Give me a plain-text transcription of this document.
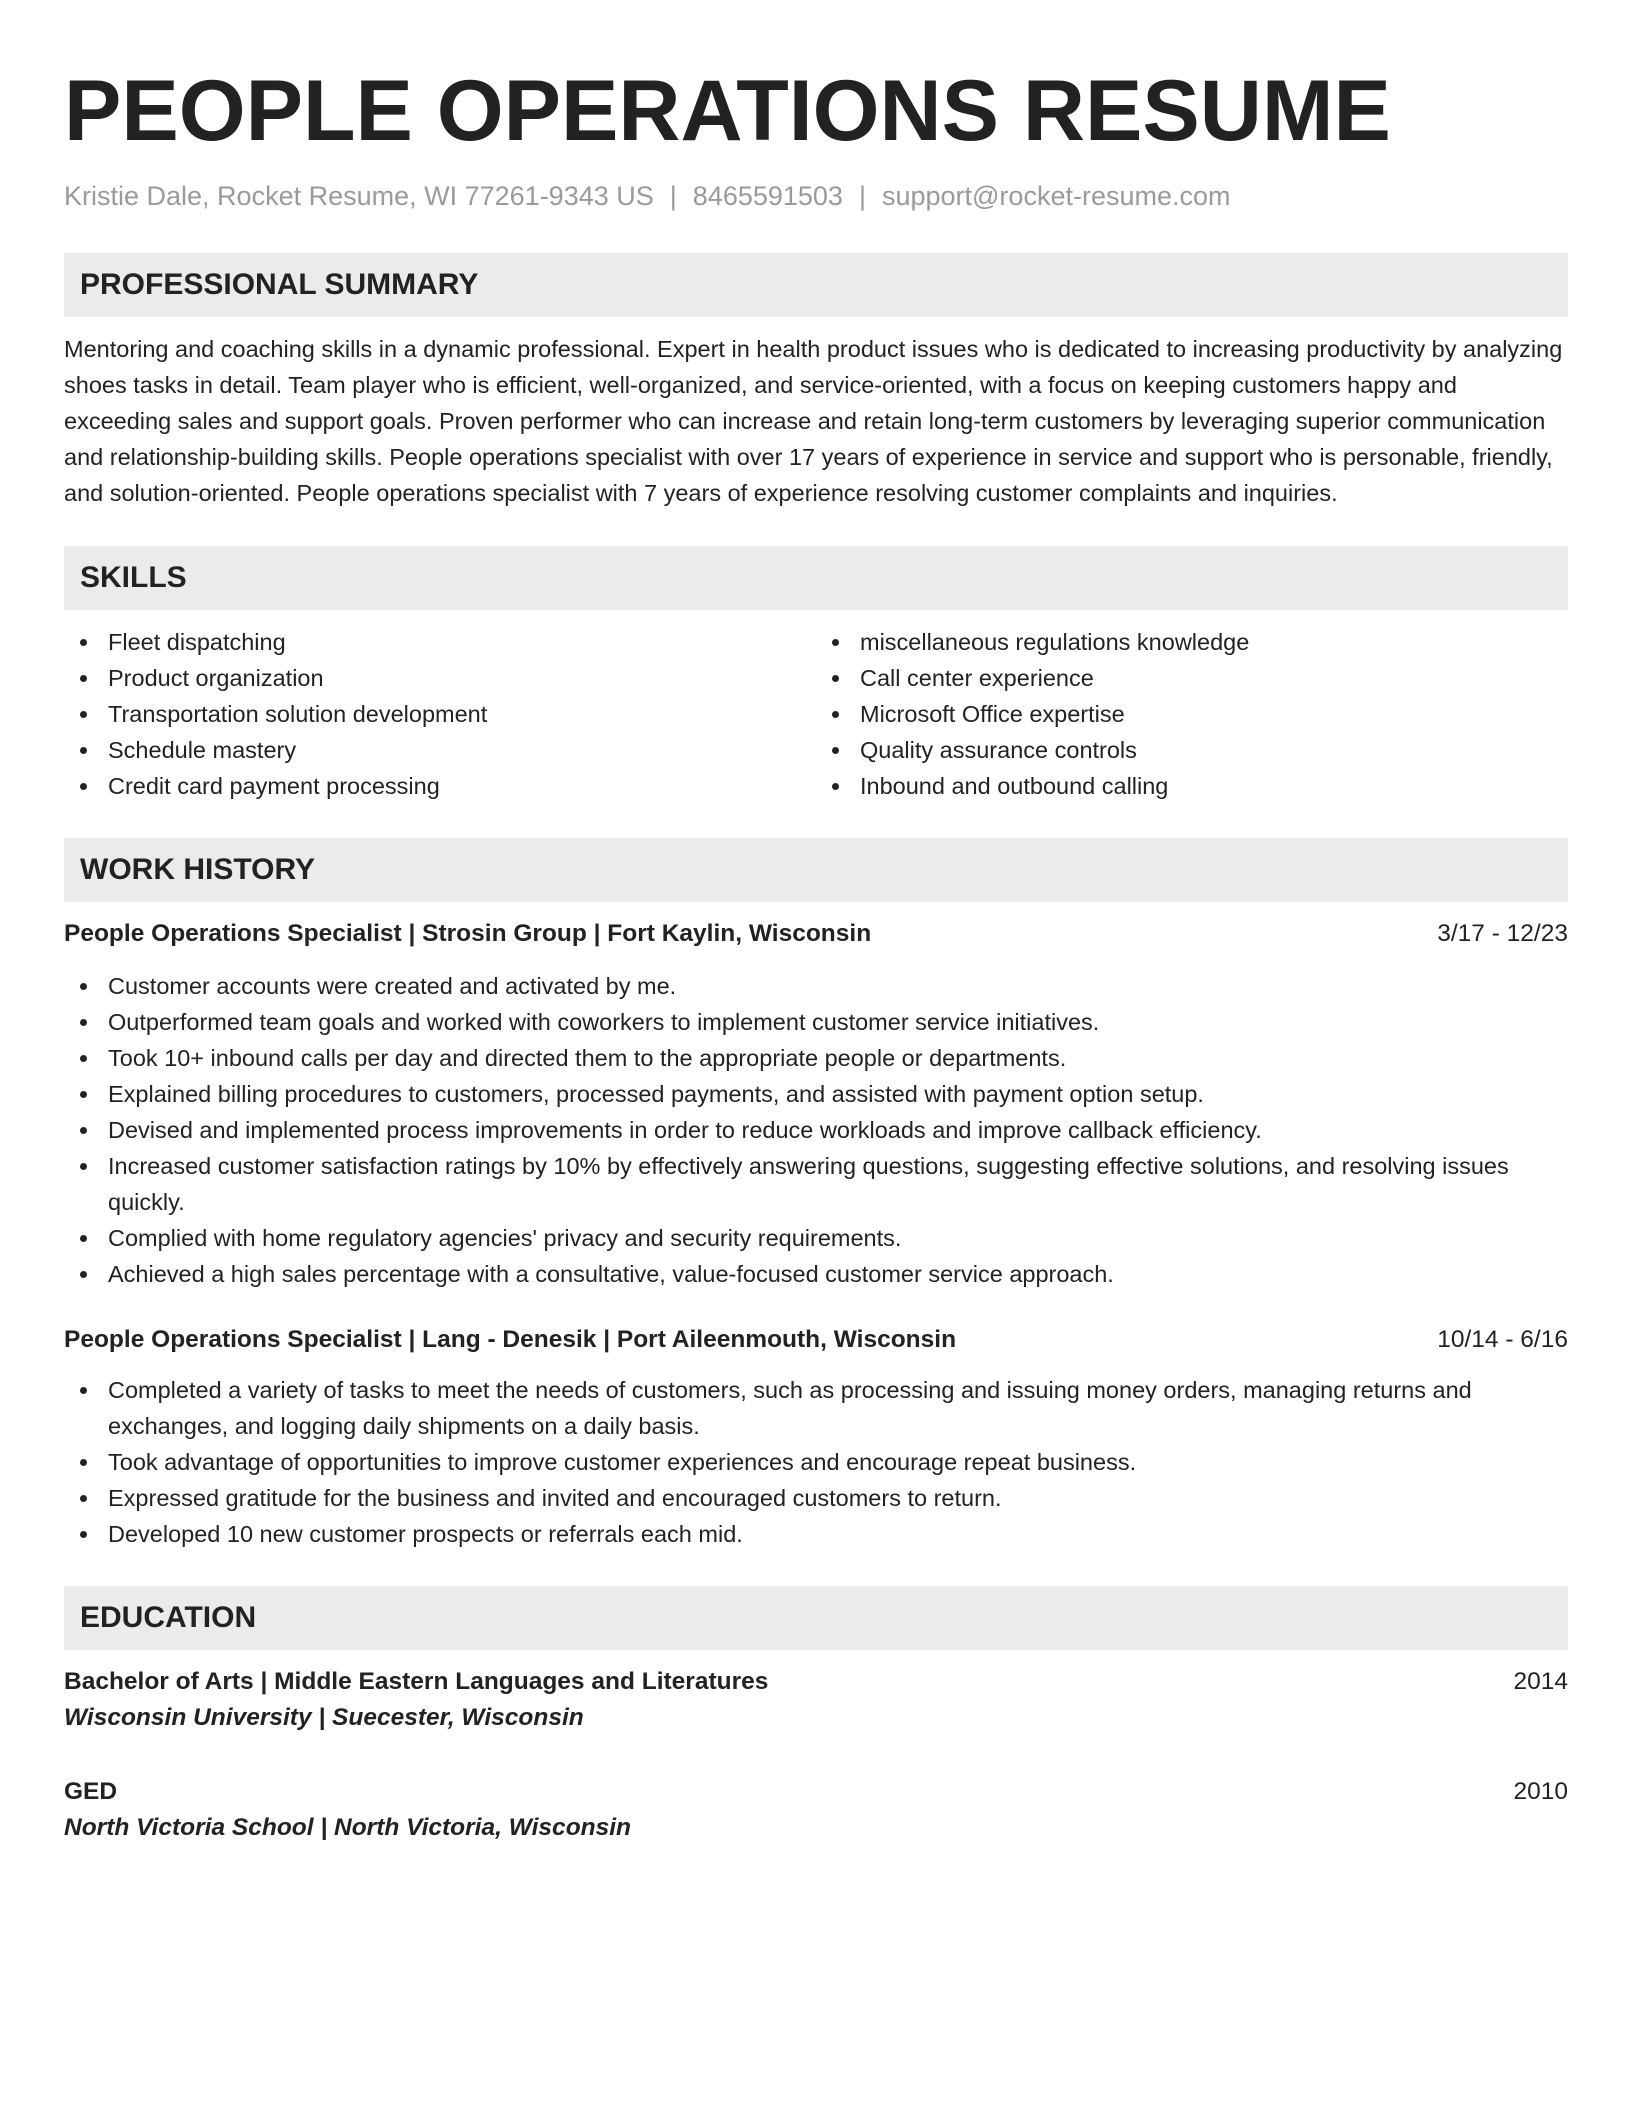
PEOPLE OPERATIONS RESUME
Kristie Dale, Rocket Resume, WI 77261-9343 US | 8465591503 | support@rocket-resume.com
PROFESSIONAL SUMMARY

Mentoring and coaching skills in a dynamic professional. Expert in health product issues who is dedicated to increasing productivity by analyzing shoes tasks in detail. Team player who is efficient, well-organized, and service-oriented, with a focus on keeping customers happy and exceeding sales and support goals. Proven performer who can increase and retain long-term customers by leveraging superior communication and relationship-building skills. People operations specialist with over 17 years of experience in service and support who is personable, friendly, and solution-oriented. People operations specialist with 7 years of experience resolving customer complaints and inquiries.

SKILLS
Fleet dispatching
Product organization
Transportation solution development
Schedule mastery
Credit card payment processing
miscellaneous regulations knowledge
Call center experience
Microsoft Office expertise
Quality assurance controls
Inbound and outbound calling
WORK HISTORY
People Operations Specialist | Strosin Group | Fort Kaylin, Wisconsin	3/17 - 12/23
Customer accounts were created and activated by me.
Outperformed team goals and worked with coworkers to implement customer service initiatives.
Took 10+ inbound calls per day and directed them to the appropriate people or departments.
Explained billing procedures to customers, processed payments, and assisted with payment option setup.
Devised and implemented process improvements in order to reduce workloads and improve callback efficiency.
Increased customer satisfaction ratings by 10% by effectively answering questions, suggesting effective solutions, and resolving issues quickly.
Complied with home regulatory agencies' privacy and security requirements.
Achieved a high sales percentage with a consultative, value-focused customer service approach.
People Operations Specialist | Lang - Denesik | Port Aileenmouth, Wisconsin	10/14 - 6/16
Completed a variety of tasks to meet the needs of customers, such as processing and issuing money orders, managing returns and exchanges, and logging daily shipments on a daily basis.
Took advantage of opportunities to improve customer experiences and encourage repeat business.
Expressed gratitude for the business and invited and encouraged customers to return.
Developed 10 new customer prospects or referrals each mid.
EDUCATION
Bachelor of Arts | Middle Eastern Languages and Literatures	2014
Wisconsin University | Suecester, Wisconsin
GED	2010
North Victoria School | North Victoria, Wisconsin
